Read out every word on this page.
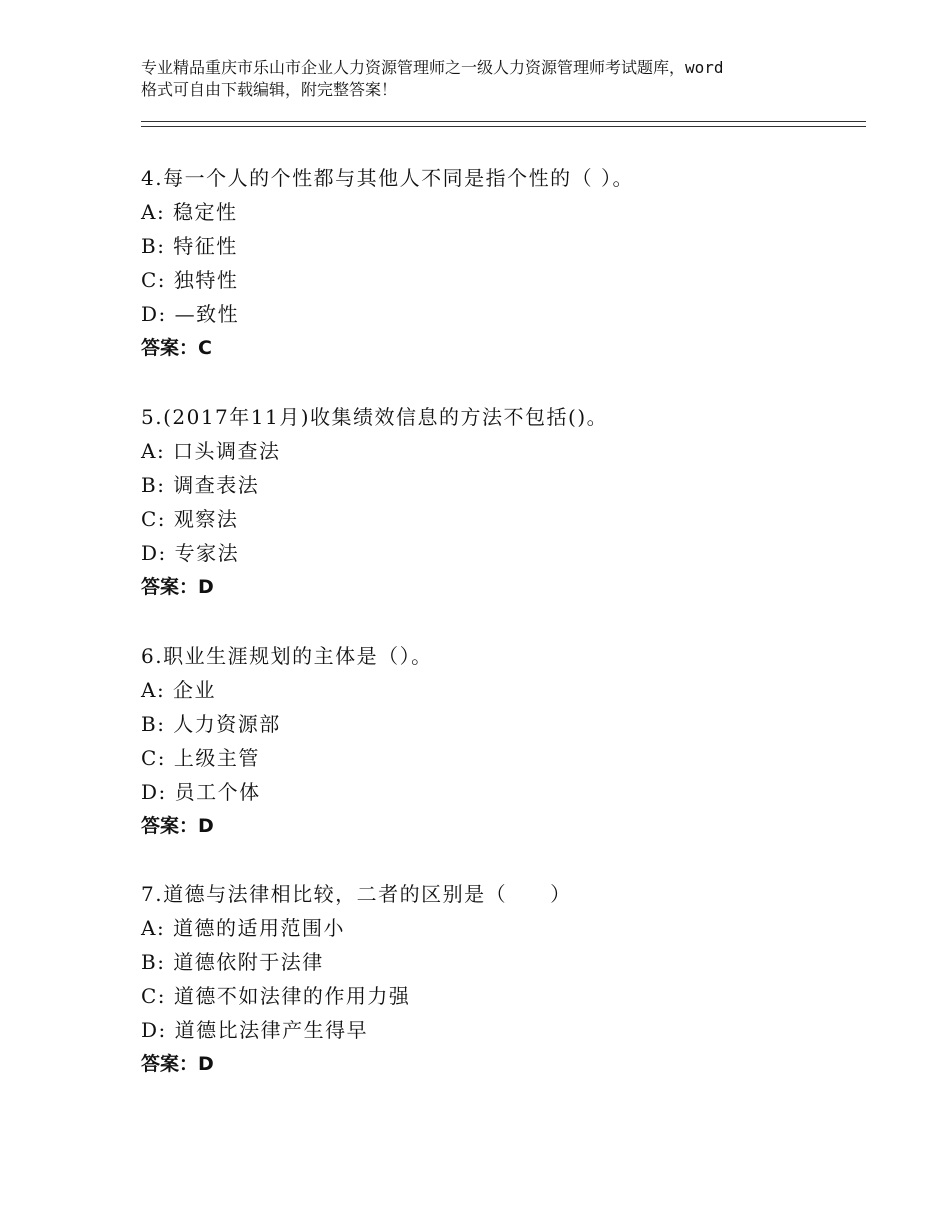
专业精品重庆市乐山市企业人力资源管理师之一级人力资源管理师考试题库，word
格式可自由下载编辑，附完整答案！
4.每一个人的个性都与其他人不同是指个性的（ ）。
A: 稳定性
B: 特征性
C: 独特性
D: —致性
答案：C
5.(2017年11月)收集绩效信息的方法不包括()。
A: 口头调查法
B: 调查表法
C: 观察法
D: 专家法
答案：D
6.职业生涯规划的主体是（）。
A: 企业
B: 人力资源部
C: 上级主管
D: 员工个体
答案：D
7.道德与法律相比较，二者的区别是（　　）
A: 道德的适用范围小
B: 道德依附于法律
C: 道德不如法律的作用力强
D: 道德比法律产生得早
答案：D
